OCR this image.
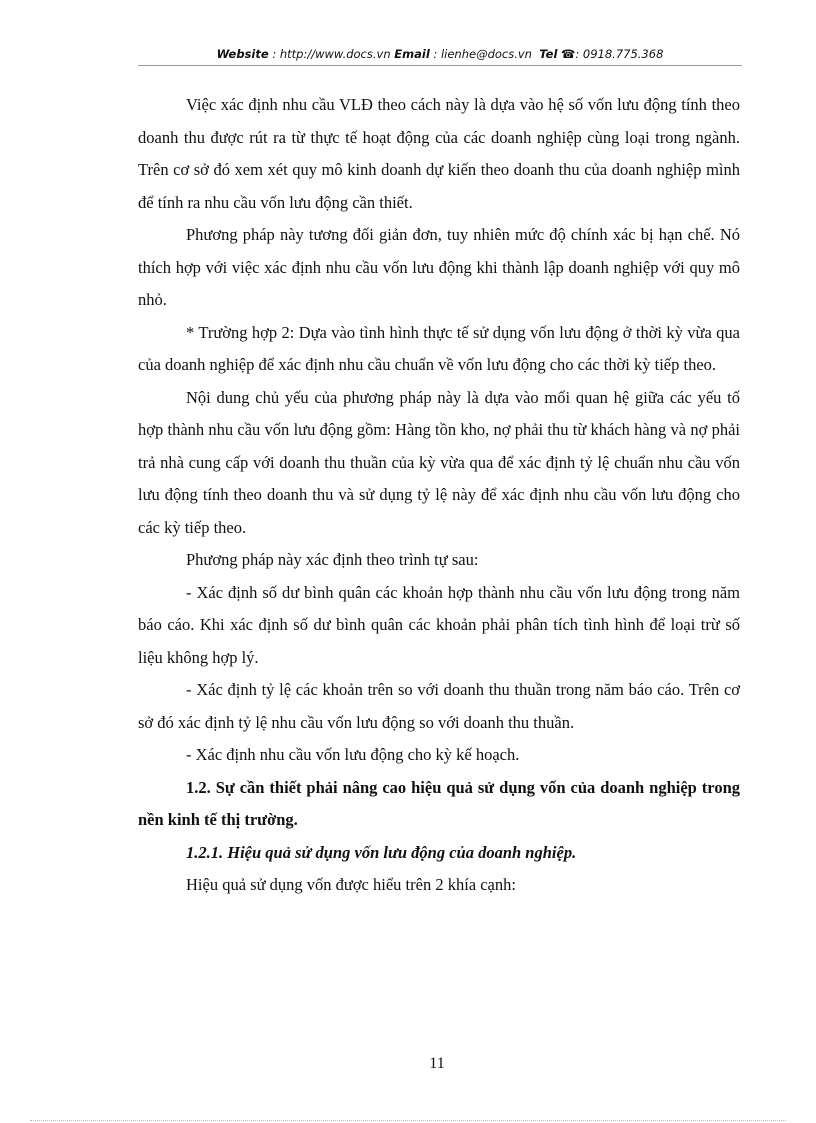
Website : http://www.docs.vn Email : lienhe@docs.vn  Tel ☎: 0918.775.368

Việc xác định nhu cầu VLĐ theo cách này là dựa vào hệ số vốn lưu động tính theo doanh thu được rút ra từ thực tế hoạt động của các doanh nghiệp cùng loại trong ngành. Trên cơ sở đó xem xét quy mô kinh doanh dự kiến theo doanh thu của doanh nghiệp mình để tính ra nhu cầu vốn lưu động cần thiết.

Phương pháp này tương đối giản đơn, tuy nhiên mức độ chính xác bị hạn chế. Nó thích hợp với việc xác định nhu cầu vốn lưu động khi thành lập doanh nghiệp với quy mô nhỏ.

* Trường hợp 2: Dựa vào tình hình thực tế sử dụng vốn lưu động ở thời kỳ vừa qua của doanh nghiệp để xác định nhu cầu chuẩn về vốn lưu động cho các thời kỳ tiếp theo.

Nội dung chủ yếu của phương pháp này là dựa vào mối quan hệ giữa các yếu tố hợp thành nhu cầu vốn lưu động gồm: Hàng tồn kho, nợ phải thu từ khách hàng và nợ phải trả nhà cung cấp với doanh thu thuần của kỳ vừa qua để xác định tỷ lệ chuẩn nhu cầu vốn lưu động tính theo doanh thu và sử dụng tỷ lệ này để xác định nhu cầu vốn lưu động cho các kỳ tiếp theo.

Phương pháp này xác định theo trình tự sau:

- Xác định số dư bình quân các khoản hợp thành nhu cầu vốn lưu động trong năm báo cáo. Khi xác định số dư bình quân các khoản phải phân tích tình hình để loại trừ số liệu không hợp lý.

- Xác định tỷ lệ các khoản trên so với doanh thu thuần trong năm báo cáo. Trên cơ sở đó xác định tỷ lệ nhu cầu vốn lưu động so với doanh thu thuần.

- Xác định nhu cầu vốn lưu động cho kỳ kế hoạch.

1.2. Sự cần thiết phải nâng cao hiệu quả sử dụng vốn của doanh nghiệp trong nền kinh tế thị trường.

1.2.1. Hiệu quả sử dụng vốn lưu động của doanh nghiệp.

Hiệu quả sử dụng vốn được hiểu trên 2 khía cạnh:

11
